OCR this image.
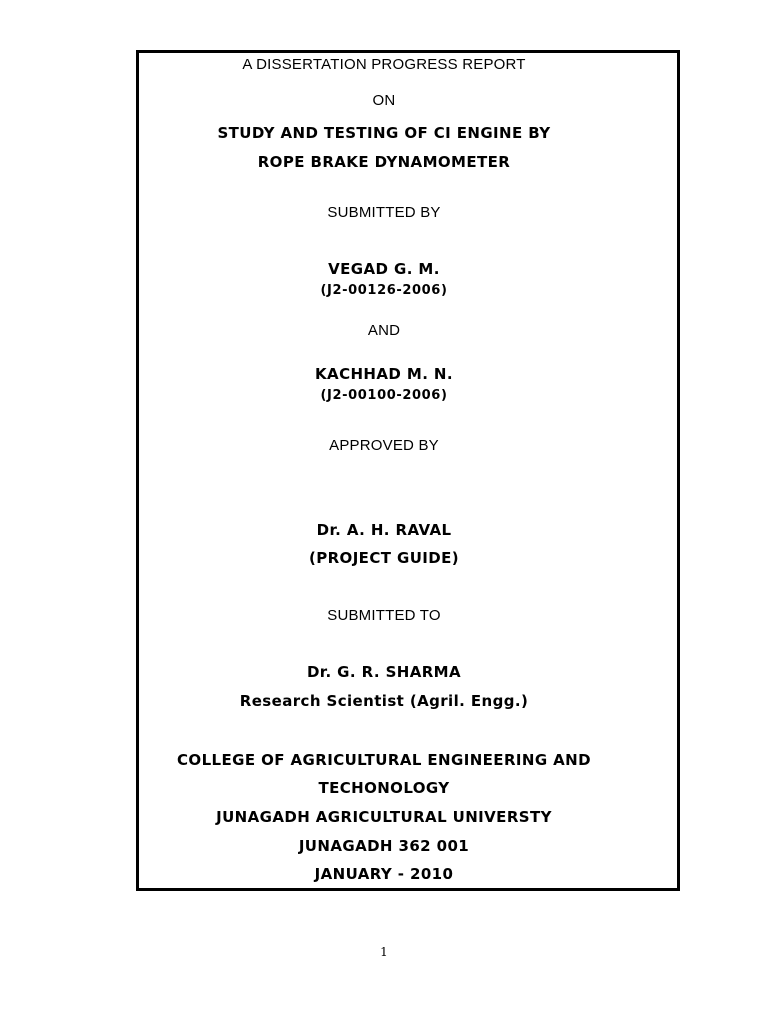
A DISSERTATION PROGRESS REPORT
ON
STUDY AND TESTING OF CI ENGINE BY
ROPE BRAKE DYNAMOMETER
SUBMITTED BY
VEGAD G. M.
(J2-00126-2006)
AND
KACHHAD M. N.
(J2-00100-2006)
APPROVED BY
Dr. A. H. RAVAL
(PROJECT GUIDE)
SUBMITTED TO
Dr. G. R. SHARMA
Research Scientist (Agril. Engg.)
COLLEGE OF AGRICULTURAL ENGINEERING AND
TECHONOLOGY
JUNAGADH AGRICULTURAL UNIVERSTY
JUNAGADH 362 001
JANUARY - 2010
1
